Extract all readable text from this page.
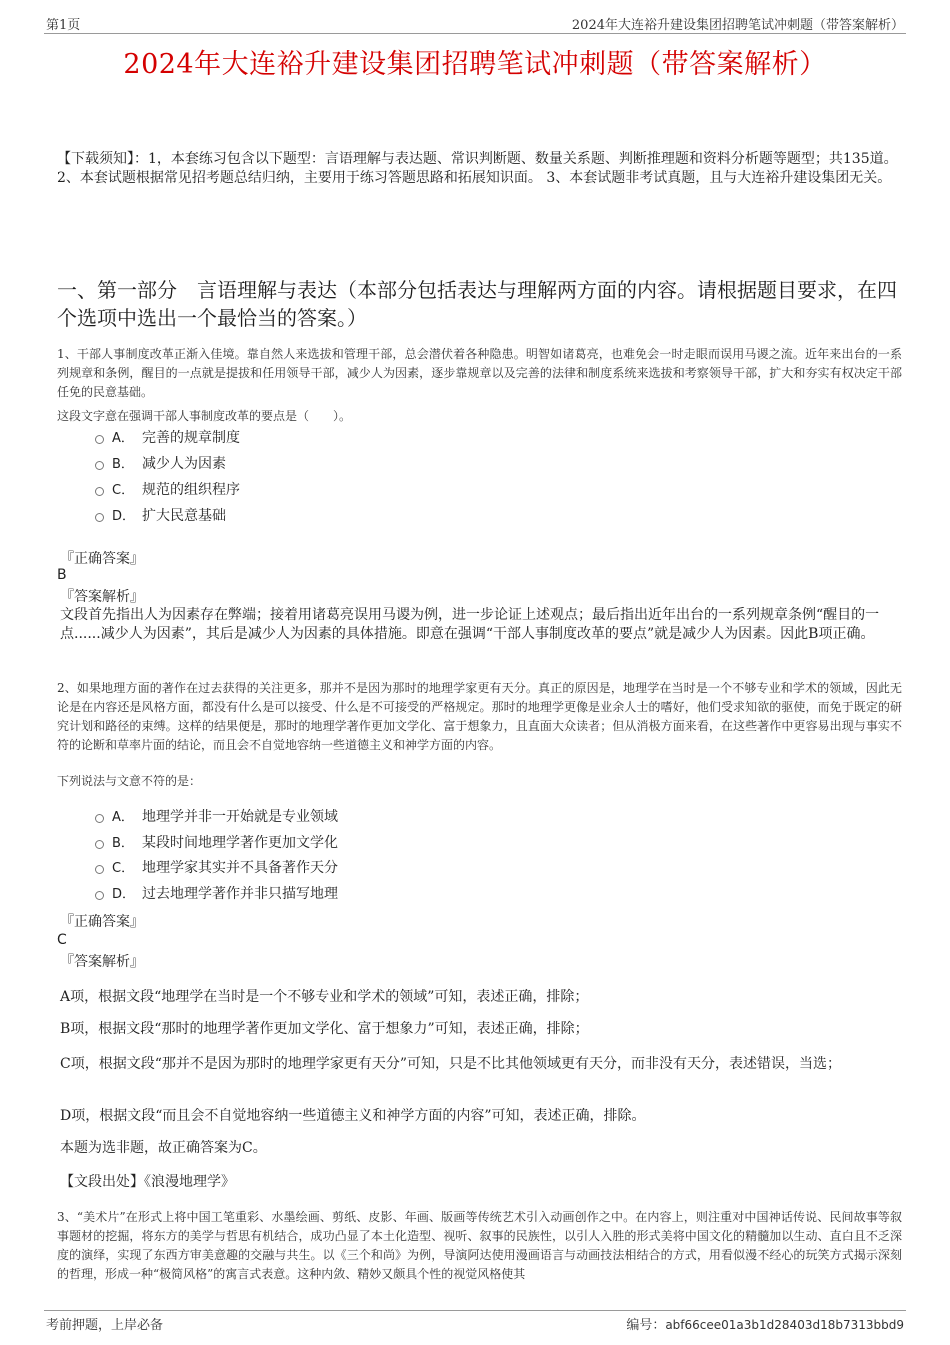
第1页	2024年大连裕升建设集团招聘笔试冲刺题（带答案解析）
2024年大连裕升建设集团招聘笔试冲刺题（带答案解析）
【下载须知】：1，本套练习包含以下题型：言语理解与表达题、常识判断题、数量关系题、判断推理题和资料分析题等题型；共135道。 2、本套试题根据常见招考题总结归纳，主要用于练习答题思路和拓展知识面。 3、本套试题非考试真题，且与大连裕升建设集团无关。
一、第一部分　言语理解与表达（本部分包括表达与理解两方面的内容。请根据题目要求，在四个选项中选出一个最恰当的答案。）
1、干部人事制度改革正渐入佳境。靠自然人来选拔和管理干部，总会潜伏着各种隐患。明智如诸葛亮，也难免会一时走眼而误用马谡之流。近年来出台的一系列规章和条例，醒目的一点就是提拔和任用领导干部，减少人为因素，逐步靠规章以及完善的法律和制度系统来选拔和考察领导干部，扩大和夯实有权决定干部任免的民意基础。
这段文字意在强调干部人事制度改革的要点是（　　）。
A． 完善的规章制度
B． 减少人为因素
C． 规范的组织程序
D． 扩大民意基础
『正确答案』
B
『答案解析』
文段首先指出人为因素存在弊端；接着用诸葛亮误用马谡为例，进一步论证上述观点；最后指出近年出台的一系列规章条例“醒目的一点......减少人为因素”，其后是减少人为因素的具体措施。即意在强调“干部人事制度改革的要点”就是减少人为因素。因此B项正确。
2、如果地理方面的著作在过去获得的关注更多，那并不是因为那时的地理学家更有天分。真正的原因是，地理学在当时是一个不够专业和学术的领域，因此无论是在内容还是风格方面，都没有什么是可以接受、什么是不可接受的严格规定。那时的地理学更像是业余人士的嗜好，他们受求知欲的驱使，而免于既定的研究计划和路径的束缚。这样的结果便是，那时的地理学著作更加文学化、富于想象力，且直面大众读者；但从消极方面来看，在这些著作中更容易出现与事实不符的论断和草率片面的结论，而且会不自觉地容纳一些道德主义和神学方面的内容。
下列说法与文意不符的是：
A． 地理学并非一开始就是专业领域
B． 某段时间地理学著作更加文学化
C． 地理学家其实并不具备著作天分
D． 过去地理学著作并非只描写地理
『正确答案』
C
『答案解析』
A项，根据文段“地理学在当时是一个不够专业和学术的领域”可知，表述正确，排除；
B项，根据文段“那时的地理学著作更加文学化、富于想象力”可知，表述正确，排除；
C项，根据文段“那并不是因为那时的地理学家更有天分”可知，只是不比其他领域更有天分，而非没有天分，表述错误，当选；
D项，根据文段“而且会不自觉地容纳一些道德主义和神学方面的内容”可知，表述正确，排除。
本题为选非题，故正确答案为C。
【文段出处】《浪漫地理学》
3、“美术片”在形式上将中国工笔重彩、水墨绘画、剪纸、皮影、年画、版画等传统艺术引入动画创作之中。在内容上，则注重对中国神话传说、民间故事等叙事题材的挖掘，将东方的美学与哲思有机结合，成功凸显了本土化造型、视听、叙事的民族性，以引人入胜的形式美将中国文化的精髓加以生动、直白且不乏深度的演绎，实现了东西方审美意趣的交融与共生。以《三个和尚》为例，导演阿达使用漫画语言与动画技法相结合的方式，用看似漫不经心的玩笑方式揭示深刻的哲理，形成一种“极简风格”的寓言式表意。这种内敛、精妙又颇具个性的视觉风格使其
考前押题，上岸必备	编号：abf66cee01a3b1d28403d18b7313bbd9
